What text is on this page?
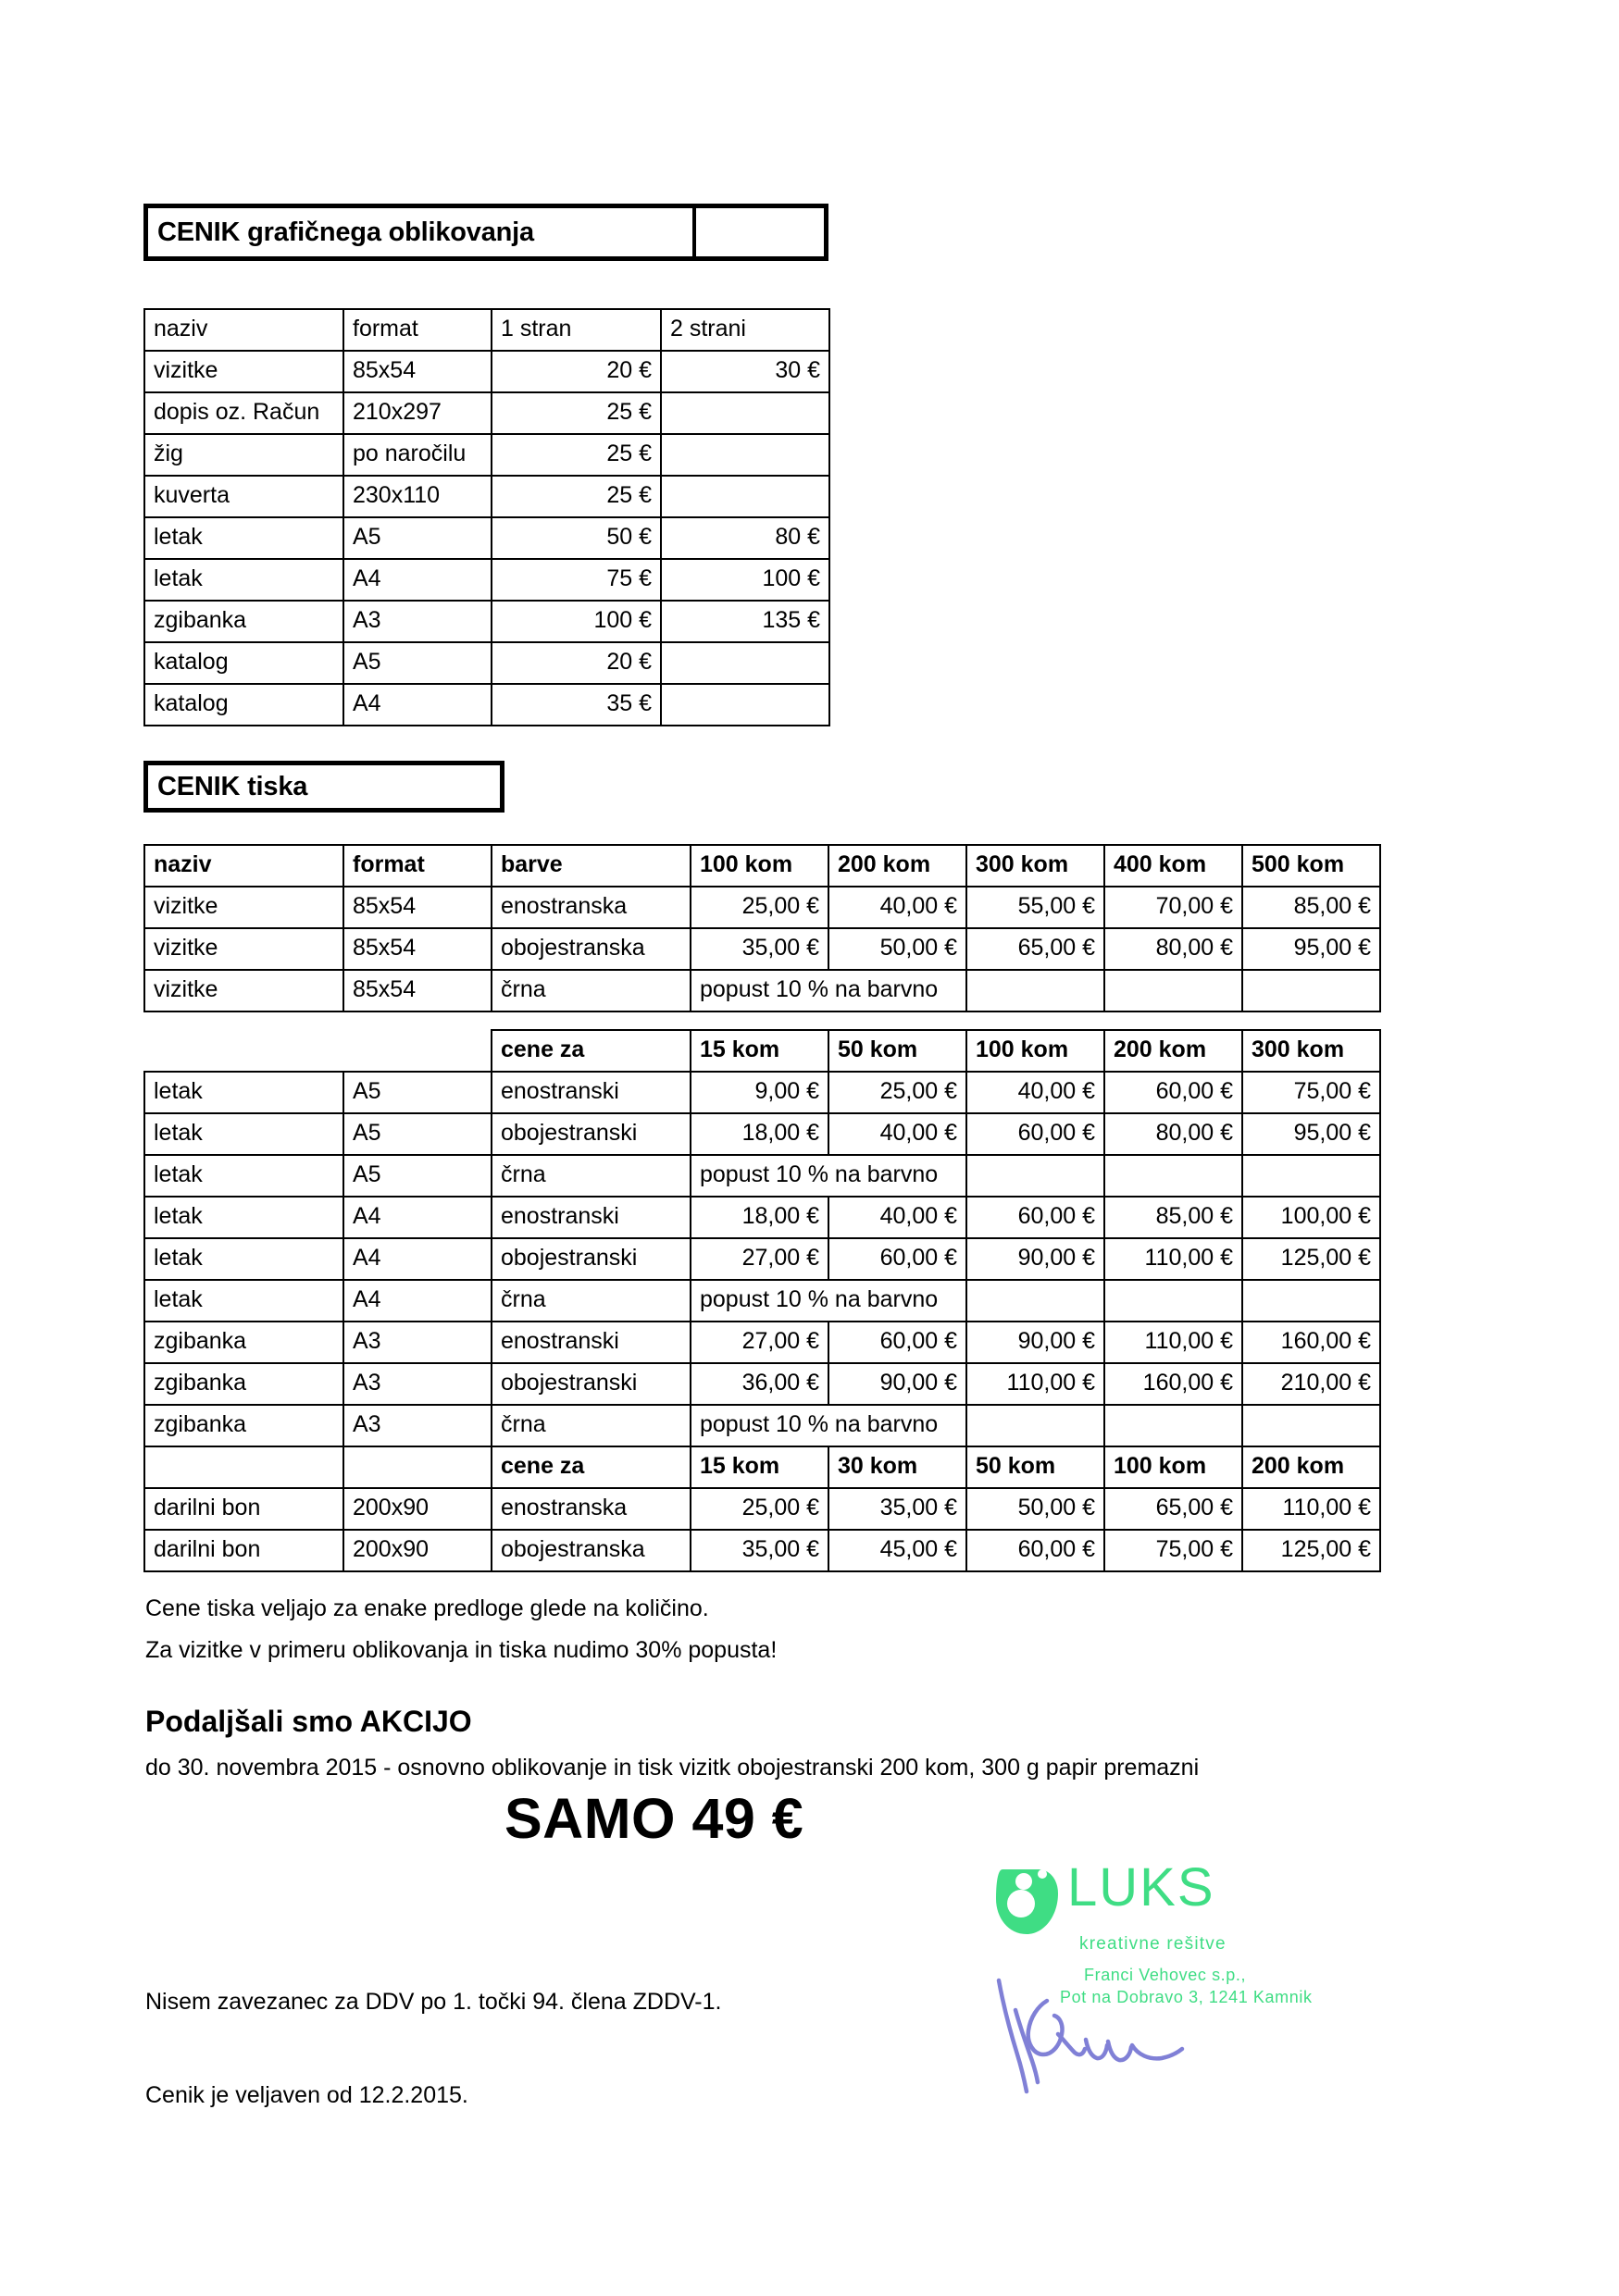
CENIK grafičnega oblikovanja
naziv	format	1 stran	2 strani
vizitke	85x54	20 €	30 €
dopis oz. Račun	210x297	25 €	
žig	po naročilu	25 €	
kuverta	230x110	25 €	
letak	A5	50 €	80 €
letak	A4	75 €	100 €
zgibanka	A3	100 €	135 €
katalog	A5	20 €	
katalog	A4	35 €	
CENIK tiska
naziv	format	barve	100 kom	200 kom	300 kom	400 kom	500 kom
vizitke	85x54	enostranska	25,00 €	40,00 €	55,00 €	70,00 €	85,00 €
vizitke	85x54	obojestranska	35,00 €	50,00 €	65,00 €	80,00 €	95,00 €
vizitke	85x54	črna	popust 10 % na barvno				
		cene za	15 kom	50 kom	100 kom	200 kom	300 kom
letak	A5	enostranski	9,00 €	25,00 €	40,00 €	60,00 €	75,00 €
letak	A5	obojestranski	18,00 €	40,00 €	60,00 €	80,00 €	95,00 €
letak	A5	črna	popust 10 % na barvno				
letak	A4	enostranski	18,00 €	40,00 €	60,00 €	85,00 €	100,00 €
letak	A4	obojestranski	27,00 €	60,00 €	90,00 €	110,00 €	125,00 €
letak	A4	črna	popust 10 % na barvno				
zgibanka	A3	enostranski	27,00 €	60,00 €	90,00 €	110,00 €	160,00 €
zgibanka	A3	obojestranski	36,00 €	90,00 €	110,00 €	160,00 €	210,00 €
zgibanka	A3	črna	popust 10 % na barvno				
		cene za	15 kom	30 kom	50 kom	100 kom	200 kom
darilni bon	200x90	enostranska	25,00 €	35,00 €	50,00 €	65,00 €	110,00 €
darilni bon	200x90	obojestranska	35,00 €	45,00 €	60,00 €	75,00 €	125,00 €
Cene tiska veljajo za enake predloge glede na količino.
Za vizitke v primeru oblikovanja in tiska nudimo 30% popusta!
Podaljšali smo AKCIJO
do 30. novembra 2015 - osnovno oblikovanje in tisk vizitk obojestranski 200 kom, 300 g papir premazni
SAMO 49 €
LUKS
kreativne rešitve
Franci Vehovec s.p.,
Pot na Dobravo 3, 1241 Kamnik
Nisem zavezanec za DDV po 1. točki 94. člena ZDDV-1.
Cenik je veljaven od 12.2.2015.
